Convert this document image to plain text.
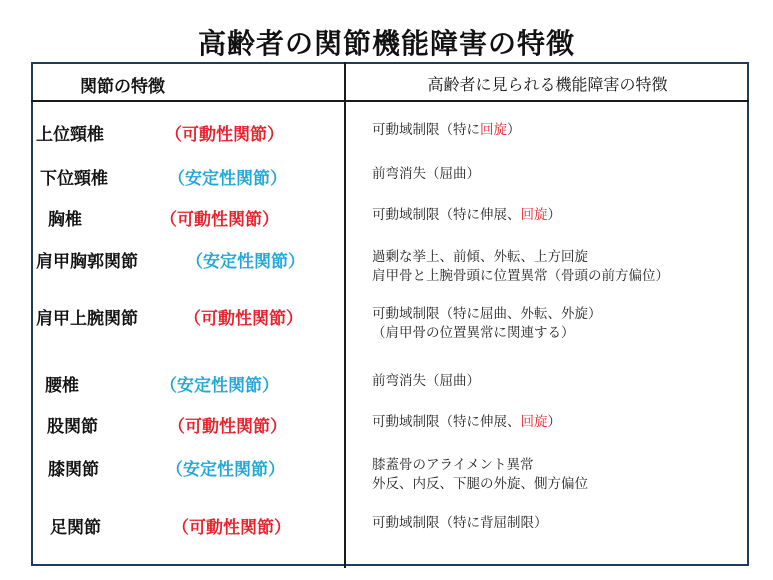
高齢者の関節機能障害の特徴
関節の特徴	高齢者に見られる機能障害の特徴
上位頸椎	（可動性関節）	可動域制限（特に回旋）
下位頸椎	（安定性関節）	前弯消失（屈曲）
胸椎	（可動性関節）	可動域制限（特に伸展、回旋）
肩甲胸郭関節	（安定性関節）	過剰な挙上、前傾、外転、上方回旋
肩甲骨と上腕骨頭に位置異常（骨頭の前方偏位）
肩甲上腕関節	（可動性関節）	可動域制限（特に屈曲、外転、外旋）
（肩甲骨の位置異常に関連する）
腰椎	（安定性関節）	前弯消失（屈曲）
股関節	（可動性関節）	可動域制限（特に伸展、回旋）
膝関節	（安定性関節）	膝蓋骨のアライメント異常
外反、内反、下腿の外旋、側方偏位
足関節	（可動性関節）	可動域制限（特に背屈制限）
